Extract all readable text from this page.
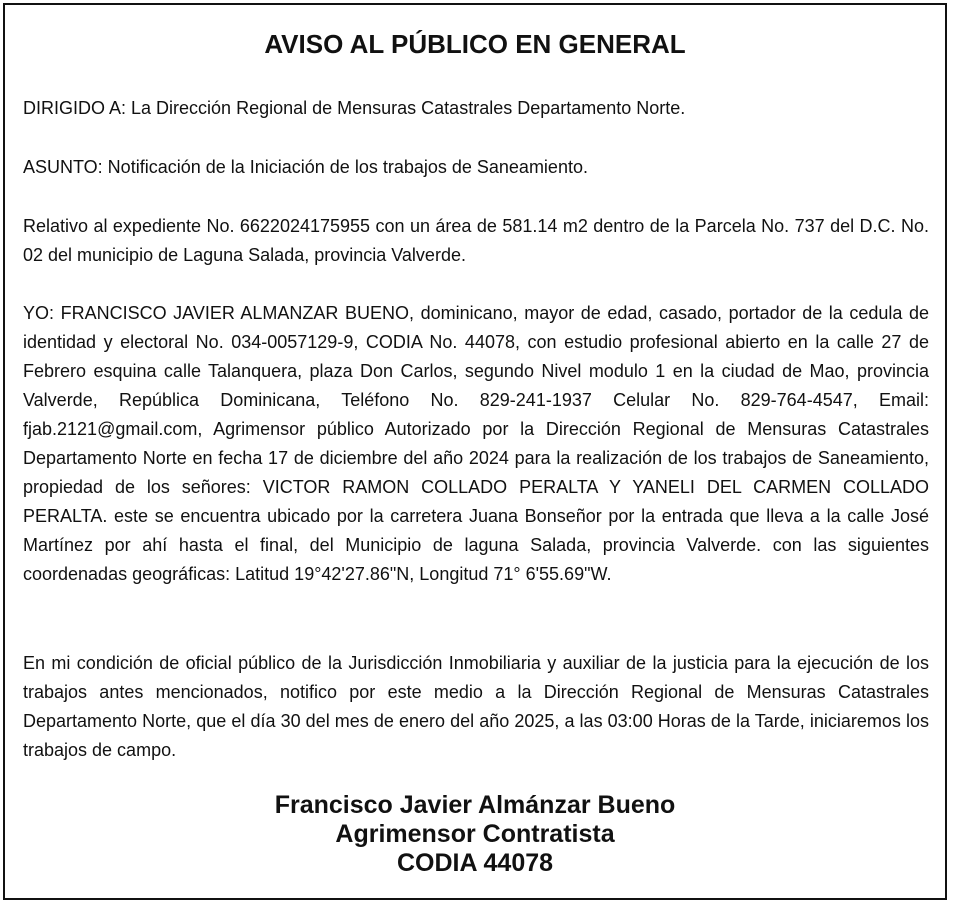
AVISO AL PÚBLICO EN GENERAL

DIRIGIDO A: La Dirección Regional de Mensuras Catastrales Departamento Norte.

ASUNTO: Notificación de la Iniciación de los trabajos de Saneamiento.

Relativo al expediente No. 6622024175955 con un área de 581.14 m2 dentro de la Parcela No. 737 del D.C. No. 02 del municipio de Laguna Salada, provincia Valverde.

YO: FRANCISCO JAVIER ALMANZAR BUENO, dominicano, mayor de edad, casado, portador de la cedula de identidad y electoral No. 034-0057129-9, CODIA No. 44078, con estudio profesional abierto en la calle 27 de Febrero esquina calle Talanquera, plaza Don Carlos, segundo Nivel modulo 1 en la ciudad de Mao, provincia Valverde, República Dominicana, Teléfono No. 829-241-1937 Celular No. 829-764-4547, Email: fjab.2121@gmail.com, Agrimensor público Autorizado por la Dirección Regional de Mensuras Catastrales Departamento Norte en fecha 17 de diciembre del año 2024 para la realización de los trabajos de Saneamiento, propiedad de los señores: VICTOR RAMON COLLADO PERALTA Y YANELI DEL CARMEN COLLADO PERALTA. este se encuentra ubicado por la carretera Juana Bonseñor por la entrada que lleva a la calle José Martínez por ahí hasta el final, del Municipio de laguna Salada, provincia Valverde. con las siguientes coordenadas geográficas: Latitud 19°42'27.86"N, Longitud 71° 6'55.69"W.

En mi condición de oficial público de la Jurisdicción Inmobiliaria y auxiliar de la justicia para la ejecución de los trabajos antes mencionados, notifico por este medio a la Dirección Regional de Mensuras Catastrales Departamento Norte, que el día 30 del mes de enero del año 2025, a las 03:00 Horas de la Tarde, iniciaremos los trabajos de campo.

Francisco Javier Almánzar Bueno
Agrimensor Contratista
CODIA 44078
